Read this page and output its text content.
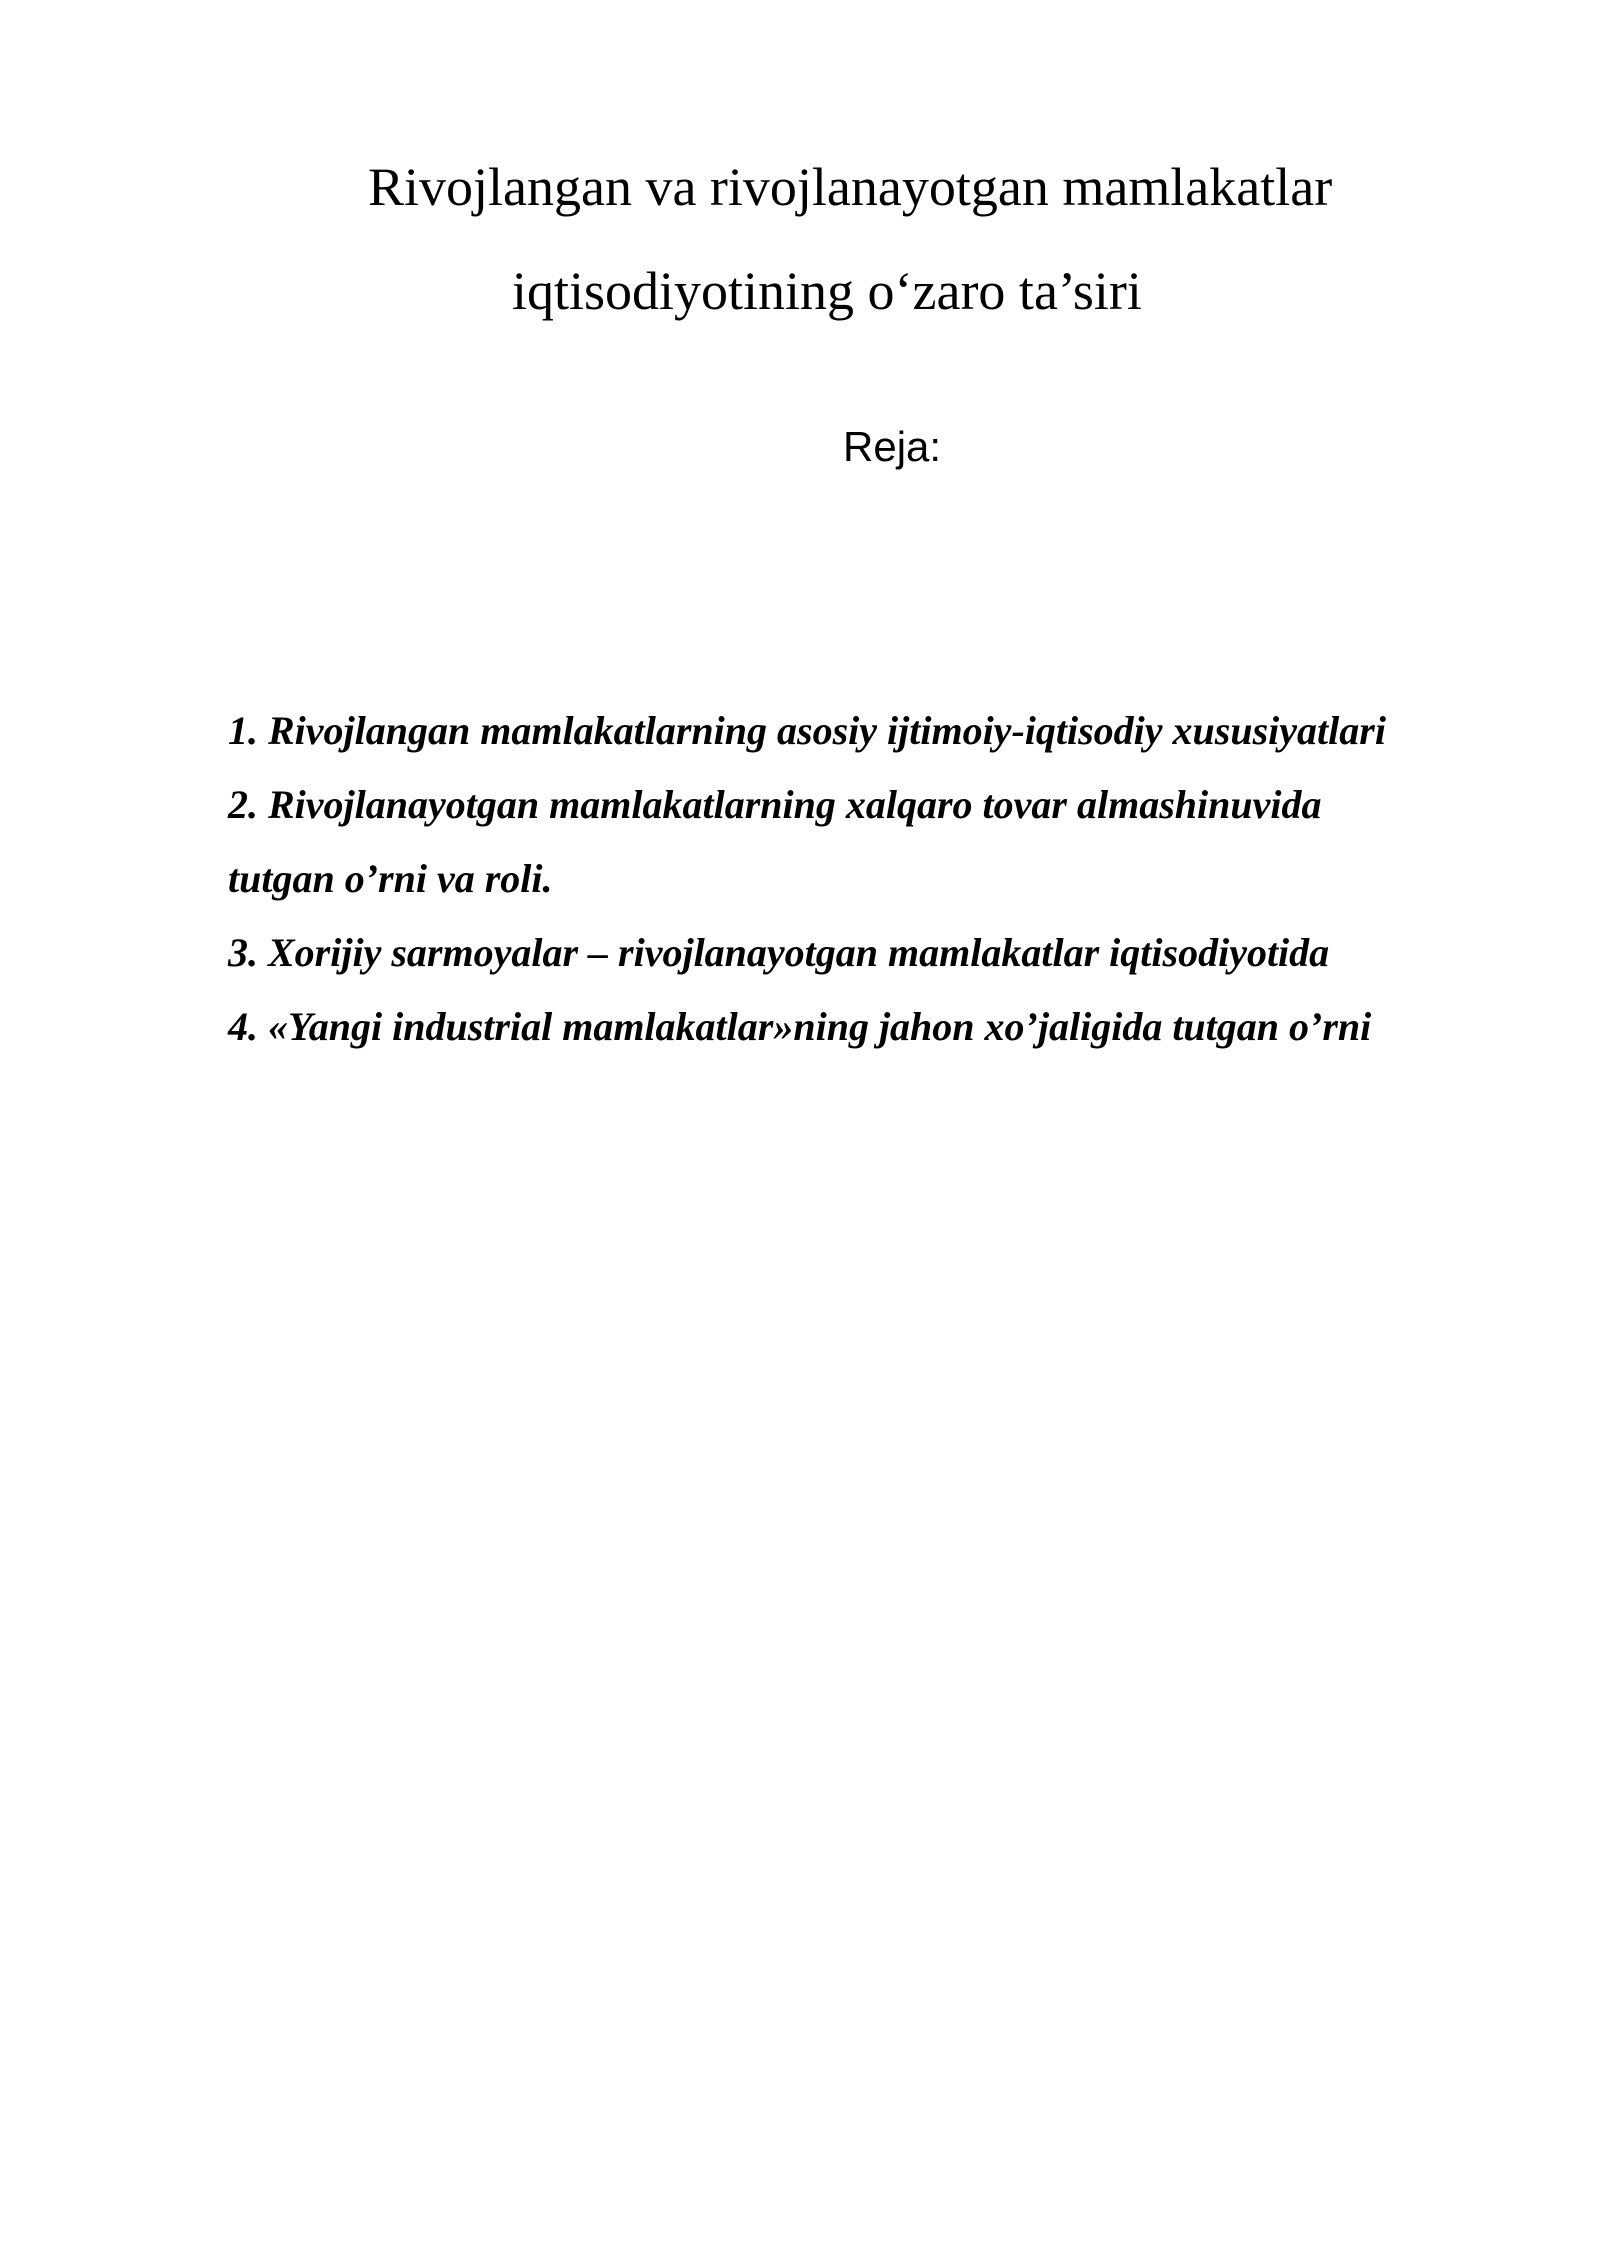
Rivojlangan va rivojlanayotgan mamlakatlar
iqtisodiyotining o‘zaro ta’siri
Reja:
1. Rivojlangan mamlakatlarning asosiy ijtimoiy-iqtisodiy xususiyatlari
2. Rivojlanayotgan mamlakatlarning xalqaro tovar almashinuvida
tutgan o’rni va roli.
3. Xorijiy sarmoyalar – rivojlanayotgan mamlakatlar iqtisodiyotida
4. «Yangi industrial mamlakatlar»ning jahon xo’jaligida tutgan o’rni
